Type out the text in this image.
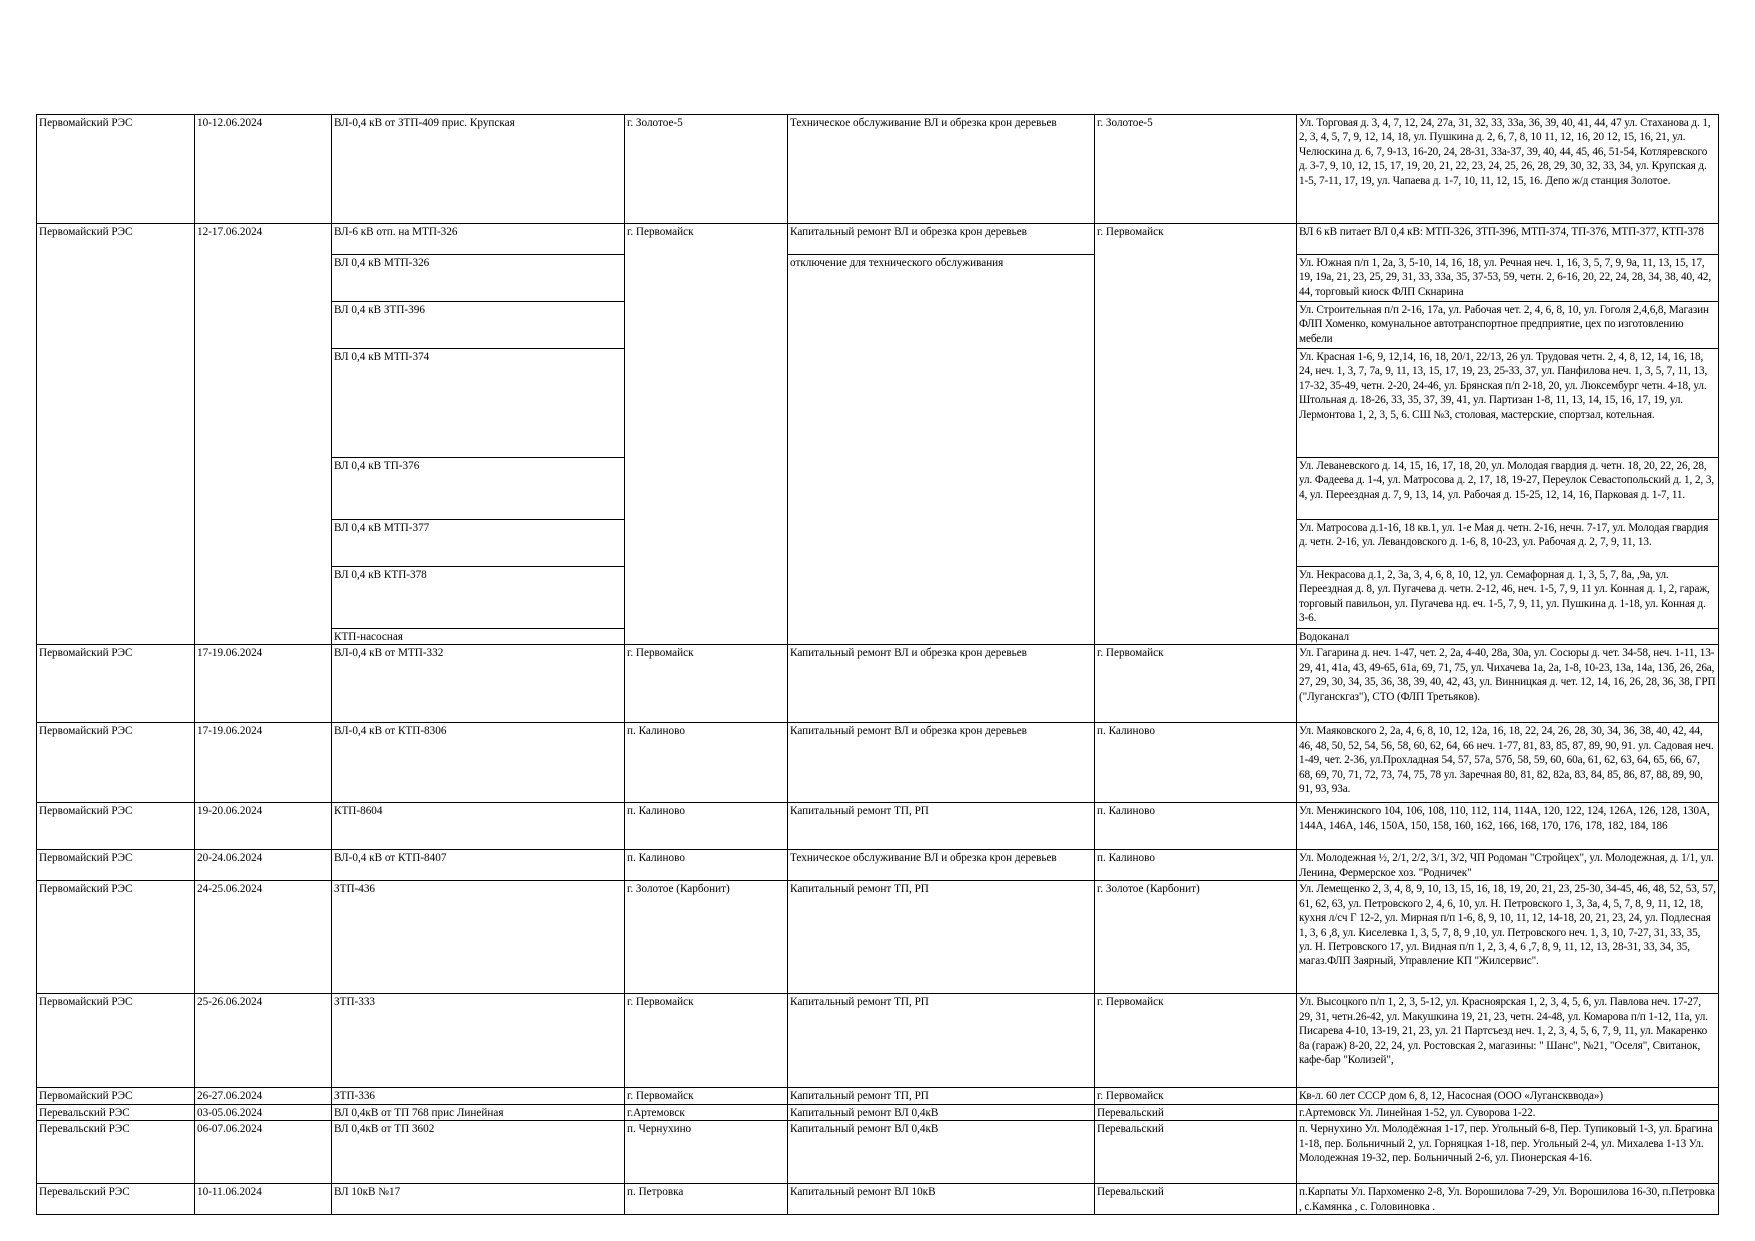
Первомайский РЭС	10-12.06.2024	ВЛ-0,4 кВ от ЗТП-409 прис. Крупская	г. Золотое-5	Техническое обслуживание ВЛ и обрезка крон деревьев	г. Золотое-5	Ул. Торговая д. 3, 4, 7, 12, 24, 27а, 31, 32, 33, 33а, 36, 39, 40, 41, 44, 47 ул. Стаханова д. 1, 2, 3, 4, 5, 7, 9, 12, 14, 18, ул. Пушкина д. 2, 6, 7, 8, 10 11, 12, 16, 20 12, 15, 16, 21, ул. Челюскина д. 6, 7, 9-13, 16-20, 24, 28-31, 33а-37, 39, 40, 44, 45, 46, 51-54, Котляревского д. 3-7, 9, 10, 12, 15, 17, 19, 20, 21, 22, 23, 24, 25, 26, 28, 29, 30, 32, 33, 34, ул. Крупская д. 1-5, 7-11, 17, 19, ул. Чапаева д. 1-7, 10, 11, 12, 15, 16. Депо ж/д станция Золотое.
Первомайский РЭС	12-17.06.2024	ВЛ-6 кВ отп. на МТП-326	г. Первомайск	Капитальный ремонт ВЛ и обрезка крон деревьев	г. Первомайск	ВЛ 6 кВ питает ВЛ 0,4 кВ: МТП-326, ЗТП-396, МТП-374, ТП-376, МТП-377, КТП-378
		ВЛ 0,4 кВ МТП-326		отключение для технического обслуживания		Ул. Южная п/п 1, 2а, 3, 5-10, 14, 16, 18, ул. Речная неч. 1, 16, 3, 5, 7, 9, 9а, 11, 13, 15, 17, 19, 19а, 21, 23, 25, 29, 31, 33, 33а, 35, 37-53, 59, четн. 2, 6-16, 20, 22, 24, 28, 34, 38, 40, 42, 44, торговый киоск ФЛП Скнарина
		ВЛ 0,4 кВ ЗТП-396				Ул. Строительная п/п 2-16, 17а, ул. Рабочая чет. 2, 4, 6, 8, 10, ул. Гоголя 2,4,6,8, Магазин ФЛП Хоменко, комунальное автотранспортное предприятие, цех по изготовлению мебели
		ВЛ 0,4 кВ МТП-374				Ул. Красная 1-6, 9, 12,14, 16, 18, 20/1, 22/13, 26 ул. Трудовая четн. 2, 4, 8, 12, 14, 16, 18, 24, неч. 1, 3, 7, 7а, 9, 11, 13, 15, 17, 19, 23, 25-33, 37, ул. Панфилова неч. 1, 3, 5, 7, 11, 13, 17-32, 35-49, четн. 2-20, 24-46, ул. Брянская п/п 2-18, 20, ул. Люксембург четн. 4-18, ул. Штольная д. 18-26, 33, 35, 37, 39, 41, ул. Партизан 1-8, 11, 13, 14, 15, 16, 17, 19, ул. Лермонтова 1, 2, 3, 5, 6. СШ №3, столовая, мастерские, спортзал, котельная.
		ВЛ 0,4 кВ ТП-376				Ул. Леваневского д. 14, 15, 16, 17, 18, 20, ул. Молодая гвардия д. четн. 18, 20, 22, 26, 28, ул. Фадеева д. 1-4, ул. Матросова д. 2, 17, 18, 19-27, Переулок Севастопольский д. 1, 2, 3, 4, ул. Переездная д. 7, 9, 13, 14, ул. Рабочая д. 15-25, 12, 14, 16, Парковая д. 1-7, 11.
		ВЛ 0,4 кВ МТП-377				Ул. Матросова д.1-16, 18 кв.1, ул. 1-е Мая д. четн. 2-16, нечн. 7-17, ул. Молодая гвардия д. четн. 2-16, ул. Левандовского д. 1-6, 8, 10-23, ул. Рабочая д. 2, 7, 9, 11, 13.
		ВЛ 0,4 кВ КТП-378				Ул. Некрасова д.1, 2, 3а, 3, 4, 6, 8, 10, 12, ул. Семафорная д. 1, 3, 5, 7, 8а, ,9а, ул. Переездная д. 8, ул. Пугачева д. четн. 2-12, 46, неч. 1-5, 7, 9, 11 ул. Конная д. 1, 2, гараж, торговый павильон, ул. Пугачева нд. еч. 1-5, 7, 9, 11, ул. Пушкина д. 1-18, ул. Конная д. 3-6.
		КТП-насосная				Водоканал
Первомайский РЭС	17-19.06.2024	ВЛ-0,4 кВ от МТП-332	г. Первомайск	Капитальный ремонт ВЛ и обрезка крон деревьев	г. Первомайск	Ул. Гагарина д. неч. 1-47, чет. 2, 2а, 4-40, 28а, 30а, ул. Сосюры д. чет. 34-58, неч. 1-11, 13-29, 41, 41а, 43, 49-65, 61а, 69, 71, 75, ул. Чихачева 1а, 2а, 1-8, 10-23, 13а, 14а, 13б, 26, 26а, 27, 29, 30, 34, 35, 36, 38, 39, 40, 42, 43, ул. Винницкая д. чет. 12, 14, 16, 26, 28, 36, 38, ГРП ("Луганскгаз"), СТО (ФЛП Третьяков).
Первомайский РЭС	17-19.06.2024	ВЛ-0,4 кВ от КТП-8306	п. Калиново	Капитальный ремонт ВЛ и обрезка крон деревьев	п. Калиново	Ул. Маяковского 2, 2а, 4, 6, 8, 10, 12, 12а, 16, 18, 22, 24, 26, 28, 30, 34, 36, 38, 40, 42, 44, 46, 48, 50, 52, 54, 56, 58, 60, 62, 64, 66 неч. 1-77, 81, 83, 85, 87, 89, 90, 91. ул. Садовая неч. 1-49, чет. 2-36, ул.Прохладная 54, 57, 57а, 57б, 58, 59, 60, 60а, 61, 62, 63, 64, 65, 66, 67, 68, 69, 70, 71, 72, 73, 74, 75, 78 ул. Заречная 80, 81, 82, 82а, 83, 84, 85, 86, 87, 88, 89, 90, 91, 93, 93а.
Первомайский РЭС	19-20.06.2024	КТП-8604	п. Калиново	Капитальный ремонт ТП, РП	п. Калиново	Ул. Менжинского 104, 106, 108, 110, 112, 114, 114А, 120, 122, 124, 126А, 126, 128, 130А, 144А, 146А, 146, 150А, 150, 158, 160, 162, 166, 168, 170, 176, 178, 182, 184, 186
Первомайский РЭС	20-24.06.2024	ВЛ-0,4 кВ от КТП-8407	п. Калиново	Техническое обслуживание ВЛ и обрезка крон деревьев	п. Калиново	Ул. Молодежная ½, 2/1, 2/2, 3/1, 3/2, ЧП Родоман "Стройцех", ул. Молодежная, д. 1/1, ул. Ленина, Фермерское хоз. "Родничек"
Первомайский РЭС	24-25.06.2024	ЗТП-436	г. Золотое (Карбонит)	Капитальный ремонт ТП, РП	г. Золотое (Карбонит)	Ул. Лемещенко 2, 3, 4, 8, 9, 10, 13, 15, 16, 18, 19, 20, 21, 23, 25-30, 34-45, 46, 48, 52, 53, 57, 61, 62, 63, ул. Петровского 2, 4, 6, 10, ул. Н. Петровского 1, 3, 3а, 4, 5, 7, 8, 9, 11, 12, 18, кухня л/сч Г 12-2, ул. Мирная п/п 1-6, 8, 9, 10, 11, 12, 14-18, 20, 21, 23, 24, ул. Подлесная 1, 3, 6 ,8, ул. Киселевка 1, 3, 5, 7, 8, 9 ,10, ул. Петровского неч. 1, 3, 10, 7-27, 31, 33, 35, ул. Н. Петровского 17, ул. Видная п/п 1, 2, 3, 4, 6 ,7, 8, 9, 11, 12, 13, 28-31, 33, 34, 35, магаз.ФЛП Заярный, Управление КП "Жилсервис".
Первомайский РЭС	25-26.06.2024	ЗТП-333	г. Первомайск	Капитальный ремонт ТП, РП	г. Первомайск	Ул. Высоцкого п/п 1, 2, 3, 5-12, ул. Красноярская 1, 2, 3, 4, 5, 6, ул. Павлова неч. 17-27, 29, 31, четн.26-42, ул. Макушкина 19, 21, 23, четн. 24-48, ул. Комарова п/п 1-12, 11а, ул. Писарева 4-10, 13-19, 21, 23, ул. 21 Партсъезд неч. 1, 2, 3, 4, 5, 6, 7, 9, 11, ул. Макаренко 8а (гараж) 8-20, 22, 24, ул. Ростовская 2, магазины: " Шанс", №21, "Оселя", Свитанок, кафе-бар "Колизей",
Первомайский РЭС	26-27.06.2024	ЗТП-336	г. Первомайск	Капитальный ремонт ТП, РП	г. Первомайск	Кв-л. 60 лет СССР дом 6, 8, 12, Насосная (ООО «Луганскввода»)
Перевальский РЭС	03-05.06.2024	ВЛ 0,4кВ от ТП 768 прис Линейная	г.Артемовск	Капитальный ремонт ВЛ 0,4кВ	Перевальский	г.Артемовск Ул. Линейная 1-52, ул. Суворова 1-22.
Перевальский РЭС	06-07.06.2024	ВЛ 0,4кВ от ТП 3602	п. Чернухино	Капитальный ремонт ВЛ 0,4кВ	Перевальский	п. Чернухино Ул. Молодёжная 1-17, пер. Угольный 6-8, Пер. Тупиковый 1-3, ул. Брагина 1-18, пер. Больничный 2, ул. Горняцкая 1-18, пер. Угольный 2-4, ул. Михалева 1-13 Ул. Молодежная 19-32, пер. Больничный 2-6, ул. Пионерская 4-16.
Перевальский РЭС	10-11.06.2024	ВЛ 10кВ №17	п. Петровка	Капитальный ремонт ВЛ 10кВ	Перевальский	п.Карпаты Ул. Пархоменко 2-8, Ул. Ворошилова 7-29, Ул. Ворошилова 16-30, п.Петровка , с.Камянка , с. Головиновка .
